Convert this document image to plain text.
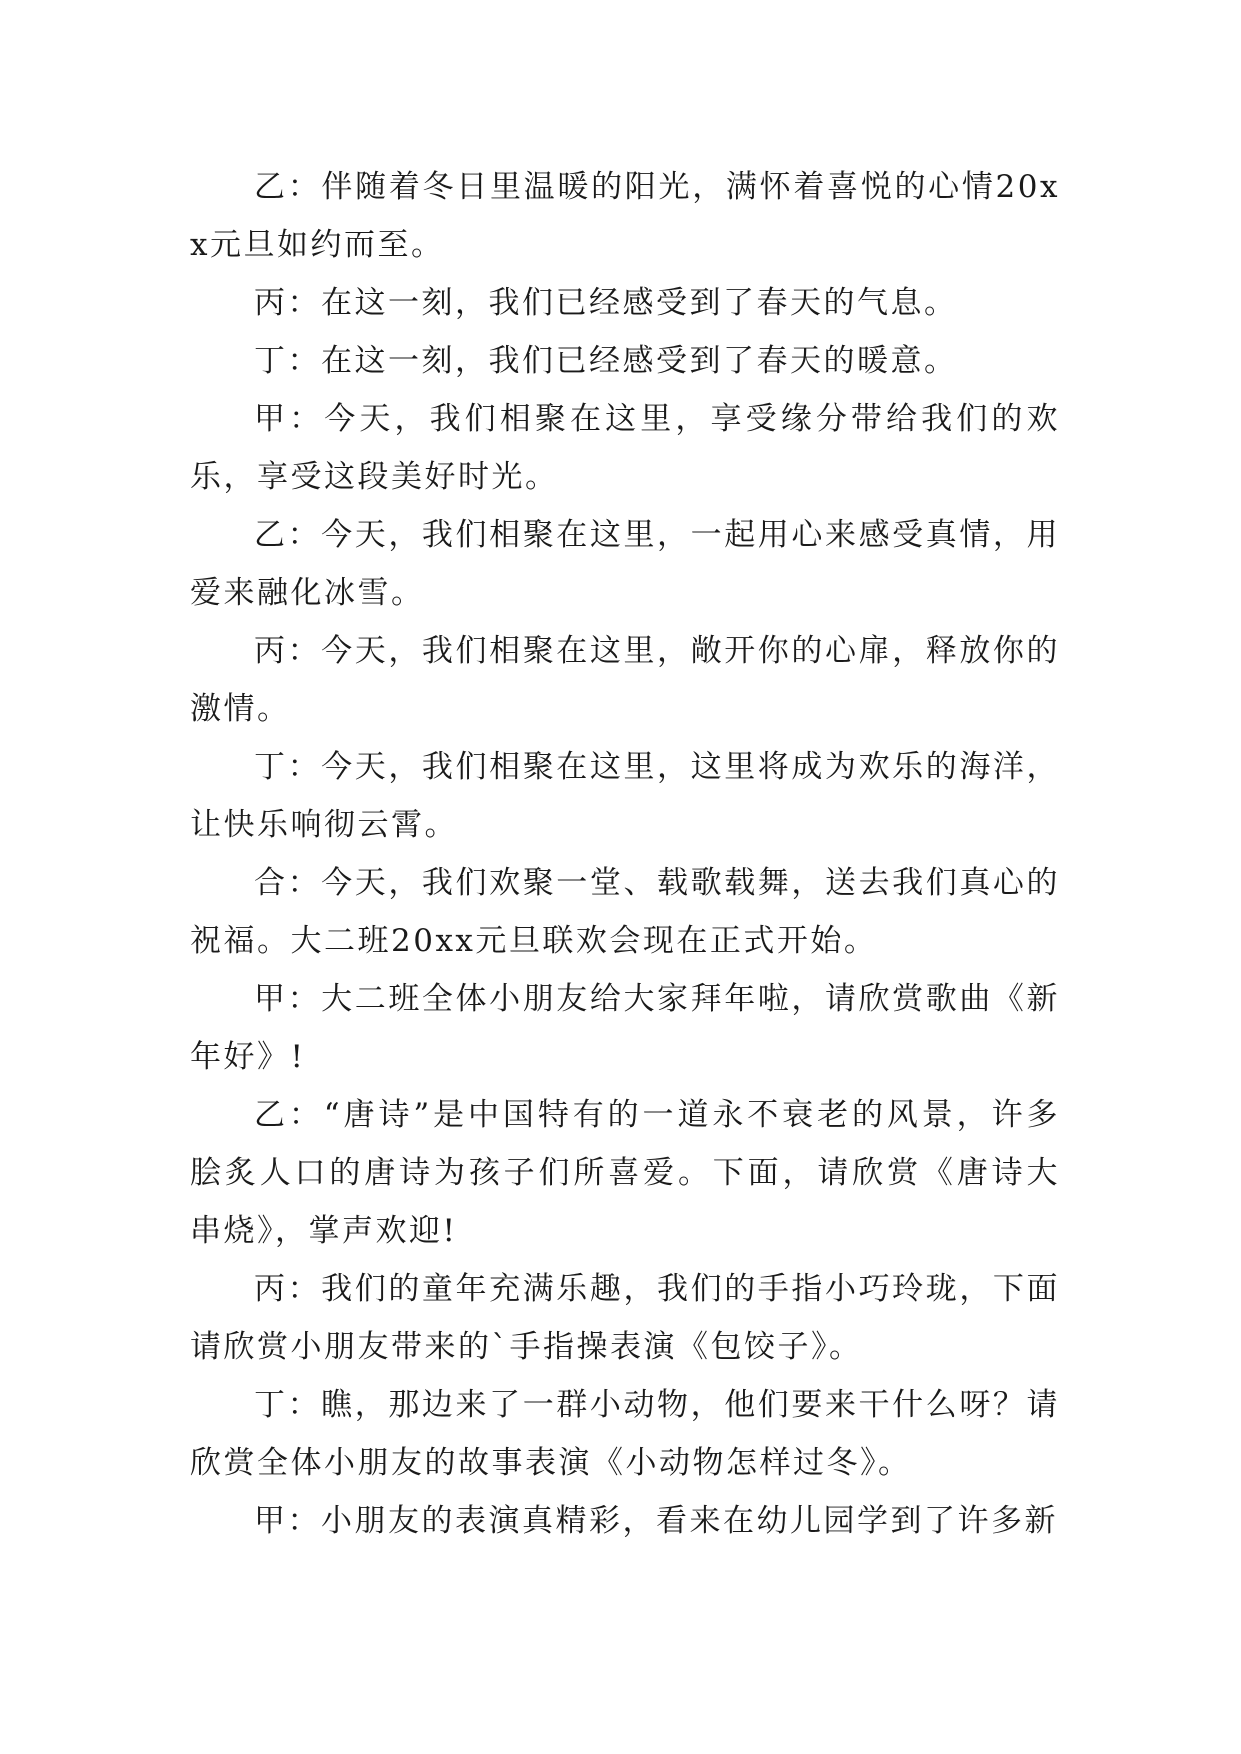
乙：伴随着冬日里温暖的阳光，满怀着喜悦的心情20xx元旦如约而至。

丙：在这一刻，我们已经感受到了春天的气息。

丁：在这一刻，我们已经感受到了春天的暖意。

甲：今天，我们相聚在这里，享受缘分带给我们的欢乐，享受这段美好时光。

乙：今天，我们相聚在这里，一起用心来感受真情，用爱来融化冰雪。

丙：今天，我们相聚在这里，敞开你的心扉，释放你的激情。

丁：今天，我们相聚在这里，这里将成为欢乐的海洋，让快乐响彻云霄。

合：今天，我们欢聚一堂、载歌载舞，送去我们真心的祝福。大二班20xx元旦联欢会现在正式开始。

甲：大二班全体小朋友给大家拜年啦，请欣赏歌曲《新年好》!

乙：“唐诗”是中国特有的一道永不衰老的风景，许多脍炙人口的唐诗为孩子们所喜爱。下面，请欣赏《唐诗大串烧》，掌声欢迎!

丙：我们的童年充满乐趣，我们的手指小巧玲珑，下面请欣赏小朋友带来的`手指操表演《包饺子》。

丁：瞧，那边来了一群小动物，他们要来干什么呀？请欣赏全体小朋友的故事表演《小动物怎样过冬》。

甲：小朋友的表演真精彩，看来在幼儿园学到了许多新
